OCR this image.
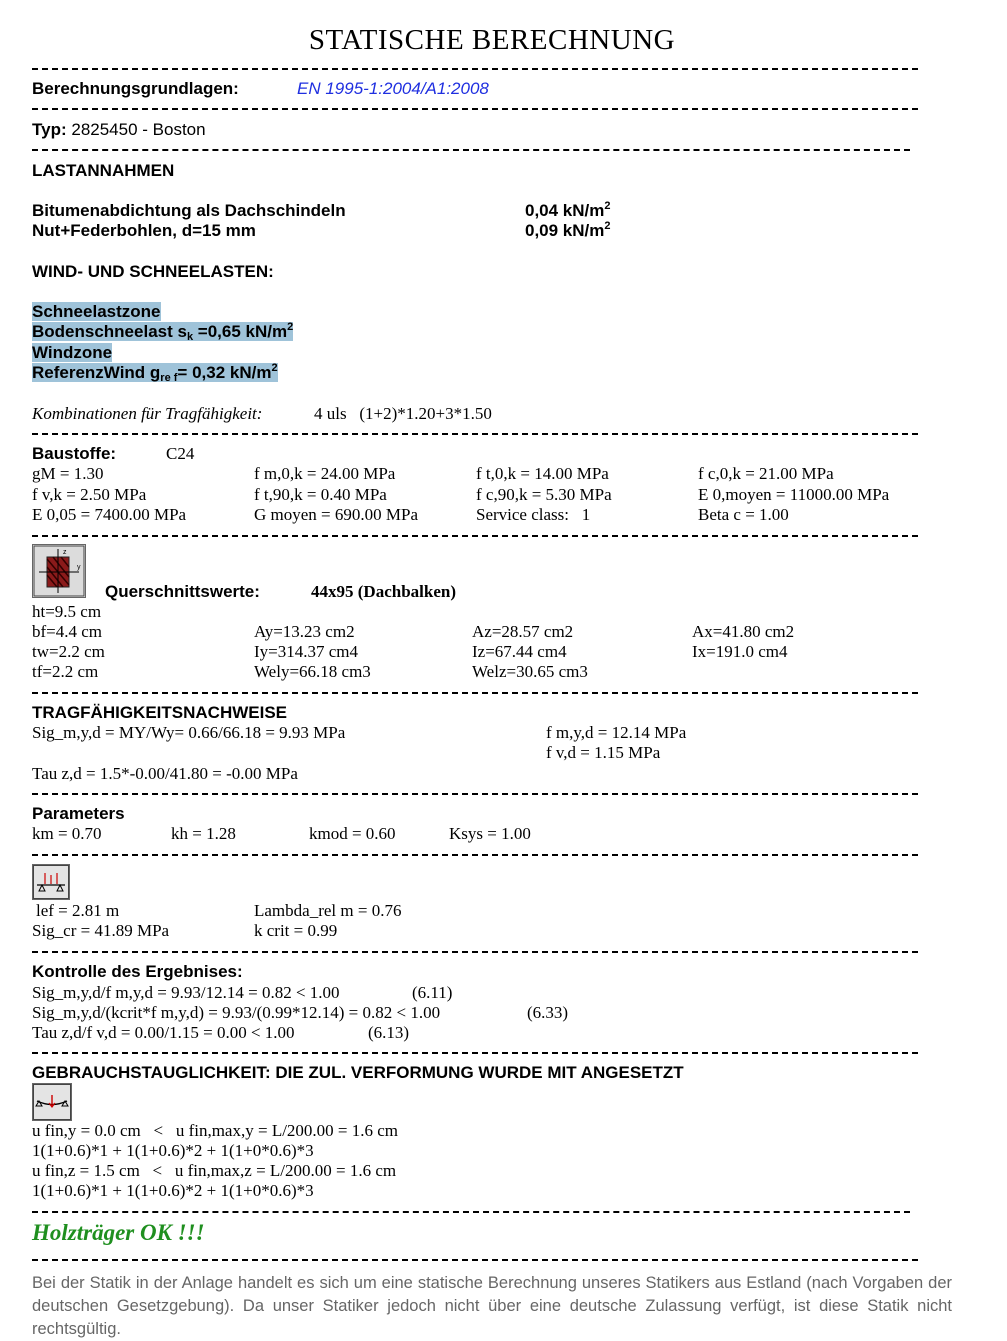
STATISCHE BERECHNUNG
Berechnungsgrundlagen:	EN 1995-1:2004/A1:2008
Typ: 2825450 - Boston
LASTANNAHMEN
Bitumenabdichtung als Dachschindeln	0,04 $kN/m^2$
Nut+Federbohlen, d=15 mm	0,09 $kN/m^2$
WIND- UND SCHNEELASTEN:
Schneelastzone
Bodenschneelast $s_k =0,65$ $kN/m^2$
Windzone
ReferenzWind $g_{re f}= 0,32$ $kN/m^2$
Kombinationen für Tragfähigkeit:	4 uls   (1+2)*1.20+3*1.50
Baustoffe:	C24
gM = 1.30	f m,0,k = 24.00 MPa	f t,0,k = 14.00 MPa	f c,0,k = 21.00 MPa
f v,k = 2.50 MPa	f t,90,k = 0.40 MPa	f c,90,k = 5.30 MPa	E 0,moyen = 11000.00 MPa
E 0,05 = 7400.00 MPa	G moyen = 690.00 MPa	Service class:   1	Beta c = 1.00
z
y
Querschnittswerte:	44x95 (Dachbalken)
ht=9.5 cm
bf=4.4 cm	Ay=13.23 cm2	Az=28.57 cm2	Ax=41.80 cm2
tw=2.2 cm	Iy=314.37 cm4	Iz=67.44 cm4	Ix=191.0 cm4
tf=2.2 cm	Wely=66.18 cm3	Welz=30.65 cm3
TRAGFÄHIGKEITSNACHWEISE
Sig_m,y,d = MY/Wy= 0.66/66.18 = 9.93 MPa	f m,y,d = 12.14 MPa
f v,d = 1.15 MPa
Tau z,d = 1.5*-0.00/41.80 = -0.00 MPa
Parameters
km = 0.70	kh = 1.28	kmod = 0.60	Ksys = 1.00
lef = 2.81 m	Lambda_rel m = 0.76
Sig_cr = 41.89 MPa	k crit = 0.99
Kontrolle des Ergebnises:
Sig_m,y,d/f m,y,d = 9.93/12.14 = 0.82 < 1.00	(6.11)
Sig_m,y,d/(kcrit*f m,y,d) = 9.93/(0.99*12.14) = 0.82 < 1.00	(6.33)
Tau z,d/f v,d = 0.00/1.15 = 0.00 < 1.00	(6.13)
GEBRAUCHSTAUGLICHKEIT: DIE ZUL. VERFORMUNG WURDE MIT ANGESETZT
u fin,y = 0.0 cm   <   u fin,max,y = L/200.00 = 1.6 cm
1(1+0.6)*1 + 1(1+0.6)*2 + 1(1+0*0.6)*3
u fin,z = 1.5 cm   <   u fin,max,z = L/200.00 = 1.6 cm
1(1+0.6)*1 + 1(1+0.6)*2 + 1(1+0*0.6)*3
Holzträger OK !!!
Bei der Statik in der Anlage handelt es sich um eine statische Berechnung unseres Statikers aus Estland (nach Vorgaben der deutschen Gesetzgebung). Da unser Statiker jedoch nicht über eine deutsche Zulassung verfügt, ist diese Statik nicht rechtsgültig.
